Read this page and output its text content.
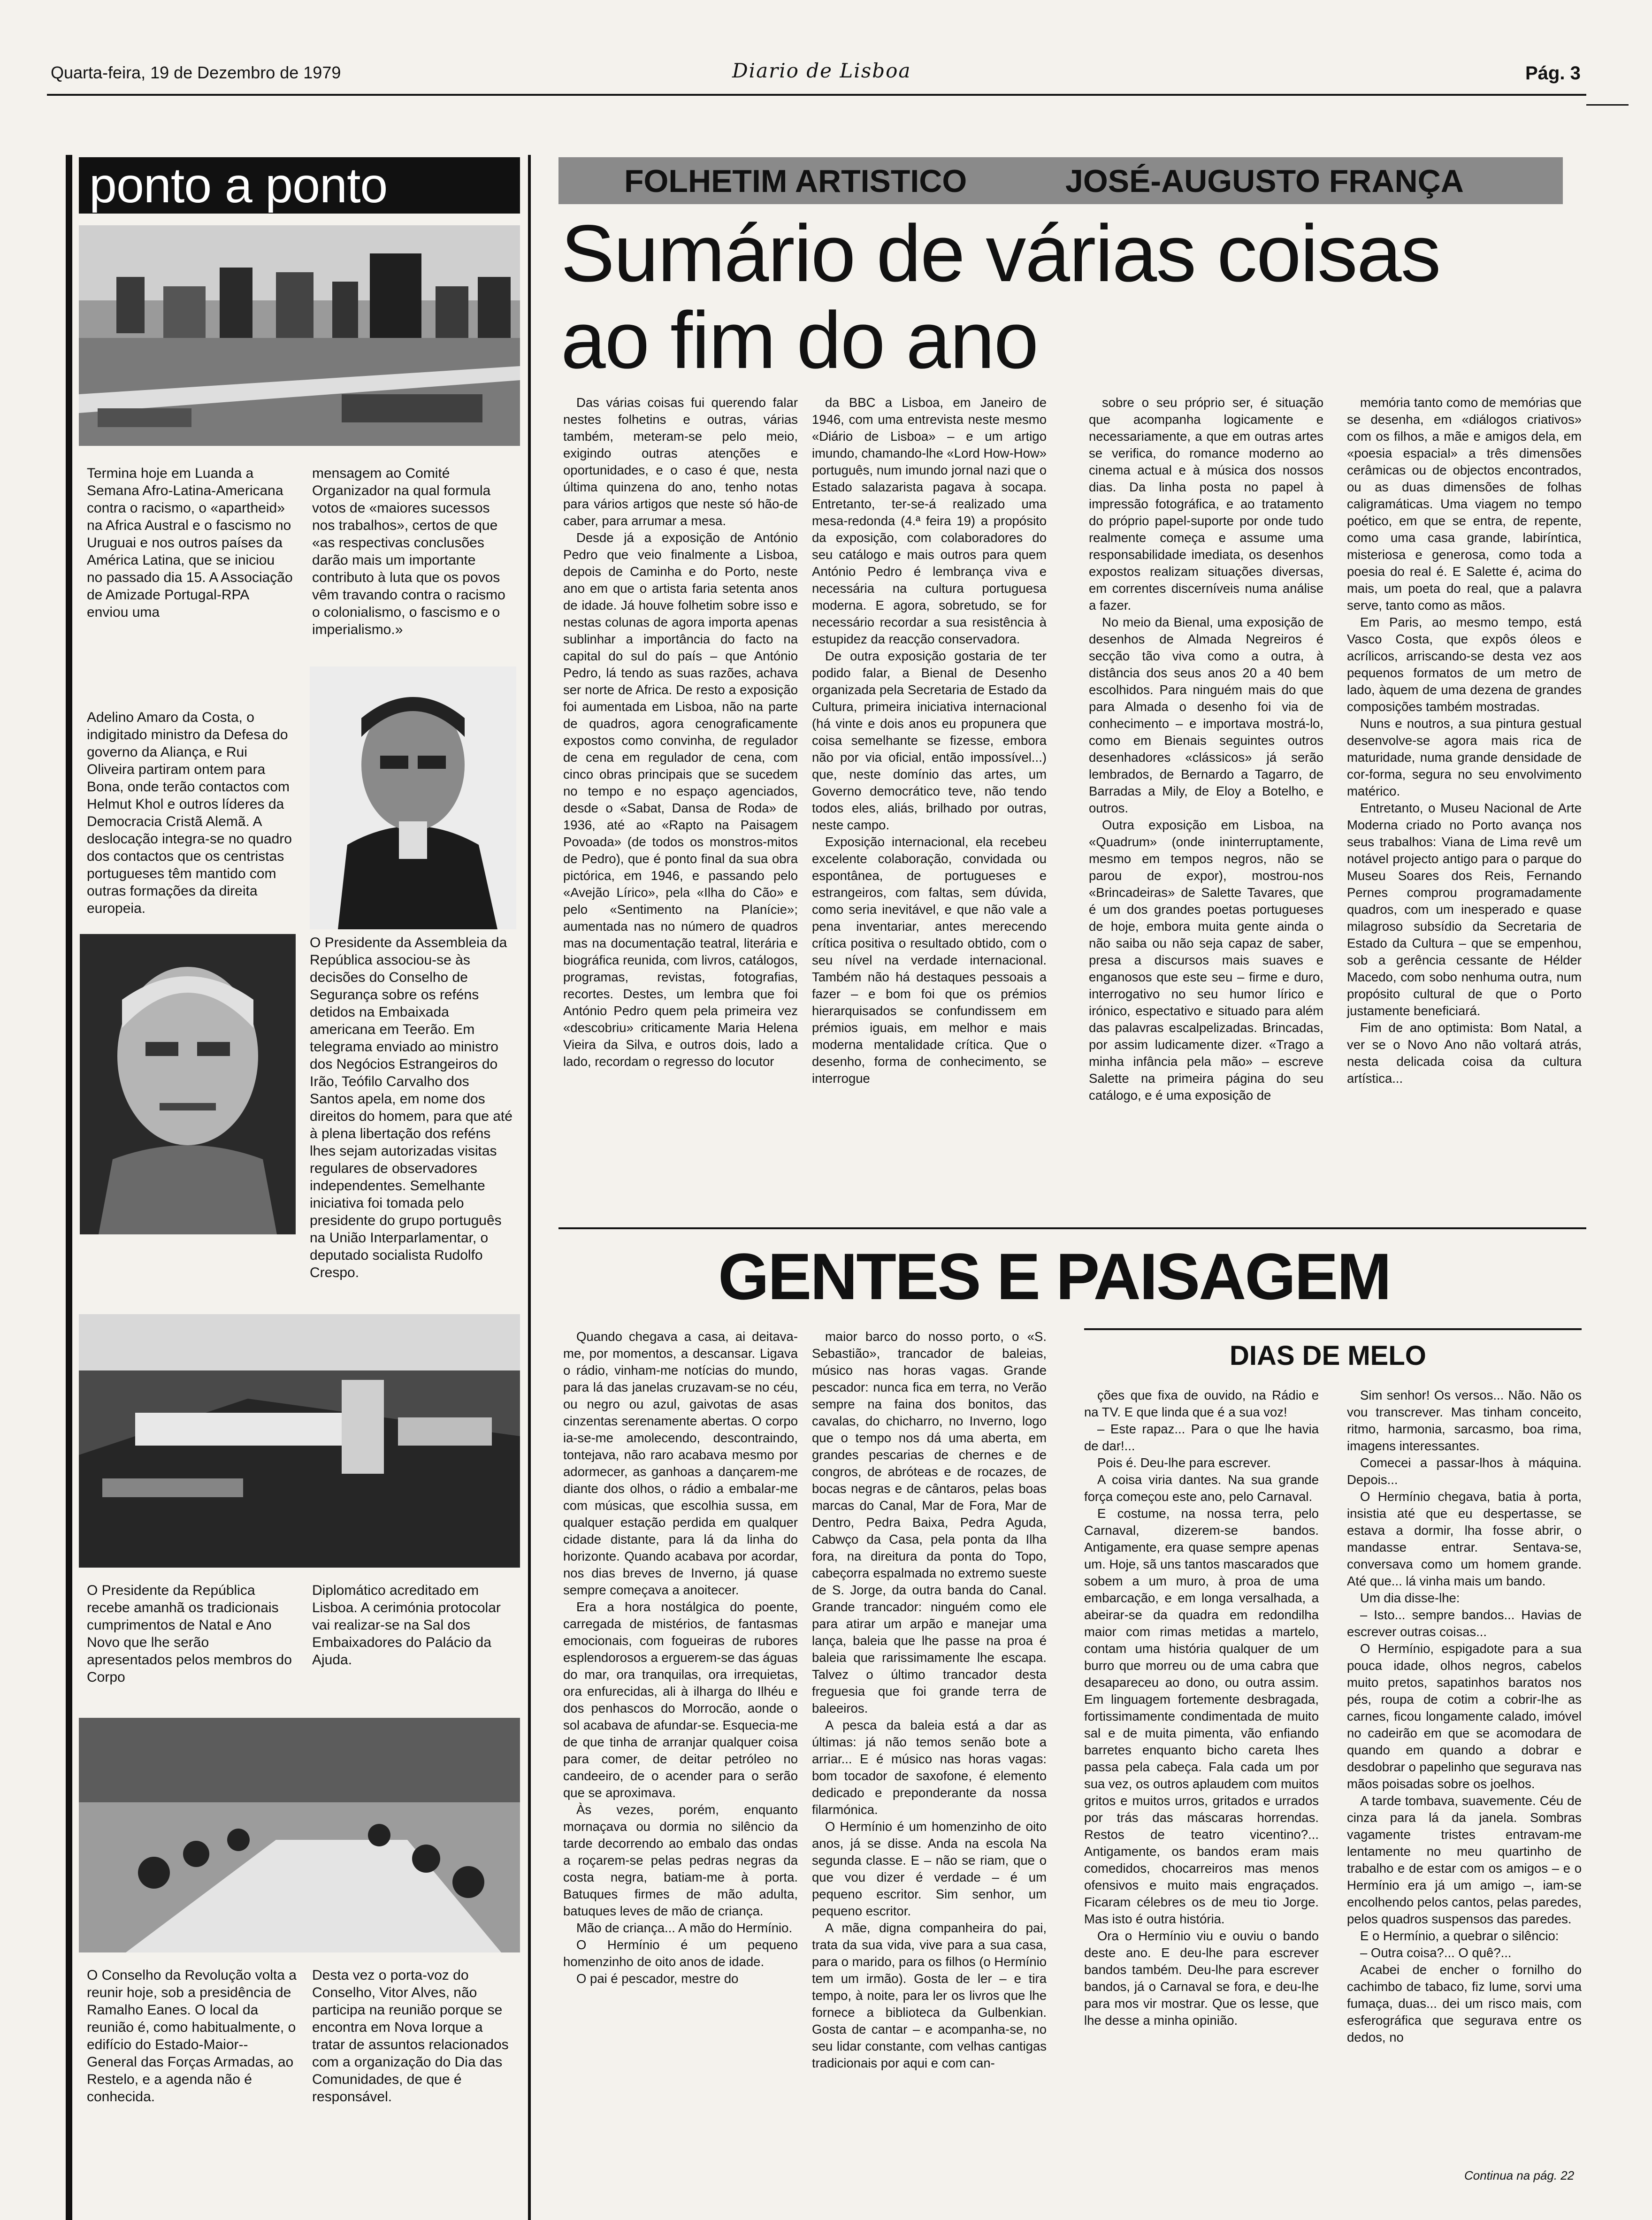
Quarta-feira, 19 de Dezembro de 1979	Diario de Lisboa	Pág. 3
ponto a ponto
Termina hoje em Luanda a Semana Afro-Latina-Americana contra o racismo, o «apartheid» na Africa Austral e o fascismo no Uruguai e nos outros países da América Latina, que se iniciou no passado dia 15. A Associação de Amizade Portugal-RPA enviou uma
mensagem ao Comité Organizador na qual formula votos de «maiores sucessos nos trabalhos», certos de que «as respectivas conclusões darão mais um importante contributo à luta que os povos vêm travando contra o racismo o colonialismo, o fascismo e o imperialismo.»
Adelino Amaro da Costa, o indigitado ministro da Defesa do governo da Aliança, e Rui Oliveira partiram ontem para Bona, onde terão contactos com Helmut Khol e outros líderes da Democracia Cristã Alemã. A deslocação integra-se no quadro dos contactos que os centristas portugueses têm mantido com outras formações da direita europeia.
O Presidente da Assembleia da República associou-se às decisões do Conselho de Segurança sobre os reféns detidos na Embaixada americana em Teerão. Em telegrama enviado ao ministro dos Negócios Estrangeiros do Irão, Teófilo Carvalho dos Santos apela, em nome dos direitos do homem, para que até à plena libertação dos reféns lhes sejam autorizadas visitas regulares de observadores independentes. Semelhante iniciativa foi tomada pelo presidente do grupo português na União Interparlamentar, o deputado socialista Rudolfo Crespo.
O Presidente da República recebe amanhã os tradicionais cumprimentos de Natal e Ano Novo que lhe serão apresentados pelos membros do Corpo
Diplomático acreditado em Lisboa. A cerimónia protocolar vai realizar-se na Sal dos Embaixadores do Palácio da Ajuda.
O Conselho da Revolução volta a reunir hoje, sob a presidência de Ramalho Eanes. O local da reunião é, como habitualmente, o edifício do Estado-Maior--General das Forças Armadas, ao Restelo, e a agenda não é conhecida.
Desta vez o porta-voz do Conselho, Vitor Alves, não participa na reunião porque se encontra em Nova Iorque a tratar de assuntos relacionados com a organização do Dia das Comunidades, de que é responsável.
FOLHETIM ARTISTICO	JOSÉ-AUGUSTO FRANÇA
Sumário de várias coisas
ao fim do ano

Das várias coisas fui querendo falar nestes folhetins e outras, várias também, meteram-se pelo meio, exigindo outras atenções e oportunidades, e o caso é que, nesta última quinzena do ano, tenho notas para vários artigos que neste só hão-de caber, para arrumar a mesa.

Desde já a exposição de António Pedro que veio finalmente a Lisboa, depois de Caminha e do Porto, neste ano em que o artista faria setenta anos de idade. Já houve folhetim sobre isso e nestas colunas de agora importa apenas sublinhar a importância do facto na capital do sul do país – que António Pedro, lá tendo as suas razões, achava ser norte de Africa. De resto a exposição foi aumentada em Lisboa, não na parte de quadros, agora cenograficamente expostos como convinha, de regulador de cena em regulador de cena, com cinco obras principais que se sucedem no tempo e no espaço agenciados, desde o «Sabat, Dansa de Roda» de 1936, até ao «Rapto na Paisagem Povoada» (de todos os monstros-mitos de Pedro), que é ponto final da sua obra pictórica, em 1946, e passando pelo «Avejão Lírico», pela «Ilha do Cão» e pelo «Sentimento na Planície»; aumentada nas no número de quadros mas na documentação teatral, literária e biográfica reunida, com livros, catálogos, programas, revistas, fotografias, recortes. Destes, um lembra que foi António Pedro quem pela primeira vez «descobriu» criticamente Maria Helena Vieira da Silva, e outros dois, lado a lado, recordam o regresso do locutor

da BBC a Lisboa, em Janeiro de 1946, com uma entrevista neste mesmo «Diário de Lisboa» – e um artigo imundo, chamando-lhe «Lord How-How» português, num imundo jornal nazi que o Estado salazarista pagava à socapa. Entretanto, ter-se-á realizado uma mesa-redonda (4.ª feira 19) a propósito da exposição, com colaboradores do seu catálogo e mais outros para quem António Pedro é lembrança viva e necessária na cultura portuguesa moderna. E agora, sobretudo, se for necessário recordar a sua resistência à estupidez da reacção conservadora.

De outra exposição gostaria de ter podido falar, a Bienal de Desenho organizada pela Secretaria de Estado da Cultura, primeira iniciativa internacional (há vinte e dois anos eu propunera que coisa semelhante se fizesse, embora não por via oficial, então impossível...) que, neste domínio das artes, um Governo democrático teve, não tendo todos eles, aliás, brilhado por outras, neste campo.

Exposição internacional, ela recebeu excelente colaboração, convidada ou espontânea, de portugueses e estrangeiros, com faltas, sem dúvida, como seria inevitável, e que não vale a pena inventariar, antes merecendo crítica positiva o resultado obtido, com o seu nível na verdade internacional. Também não há destaques pessoais a fazer – e bom foi que os prémios hierarquisados se confundissem em prémios iguais, em melhor e mais moderna mentalidade crítica. Que o desenho, forma de conhecimento, se interrogue

sobre o seu próprio ser, é situação que acompanha logicamente e necessariamente, a que em outras artes se verifica, do romance moderno ao cinema actual e à música dos nossos dias. Da linha posta no papel à impressão fotográfica, e ao tratamento do próprio papel-suporte por onde tudo realmente começa e assume uma responsabilidade imediata, os desenhos expostos realizam situações diversas, em correntes discerníveis numa análise a fazer.

No meio da Bienal, uma exposição de desenhos de Almada Negreiros é secção tão viva como a outra, à distância dos seus anos 20 a 40 bem escolhidos. Para ninguém mais do que para Almada o desenho foi via de conhecimento – e importava mostrá-lo, como em Bienais seguintes outros desenhadores «clássicos» já serão lembrados, de Bernardo a Tagarro, de Barradas a Mily, de Eloy a Botelho, e outros.

Outra exposição em Lisboa, na «Quadrum» (onde ininterruptamente, mesmo em tempos negros, não se parou de expor), mostrou-nos «Brincadeiras» de Salette Tavares, que é um dos grandes poetas portugueses de hoje, embora muita gente ainda o não saiba ou não seja capaz de saber, presa a discursos mais suaves e enganosos que este seu – firme e duro, interrogativo no seu humor lírico e irónico, espectativo e situado para além das palavras escalpelizadas. Brincadas, por assim ludicamente dizer. «Trago a minha infância pela mão» – escreve Salette na primeira página do seu catálogo, e é uma exposição de

memória tanto como de memórias que se desenha, em «diálogos criativos» com os filhos, a mãe e amigos dela, em «poesia espacial» a três dimensões cerâmicas ou de objectos encontrados, ou as duas dimensões de folhas caligramáticas. Uma viagem no tempo poético, em que se entra, de repente, como uma casa grande, labiríntica, misteriosa e generosa, como toda a poesia do real é. E Salette é, acima do mais, um poeta do real, que a palavra serve, tanto como as mãos.

Em Paris, ao mesmo tempo, está Vasco Costa, que expôs óleos e acrílicos, arriscando-se desta vez aos pequenos formatos de um metro de lado, àquem de uma dezena de grandes composições também mostradas.

Nuns e noutros, a sua pintura gestual desenvolve-se agora mais rica de maturidade, numa grande densidade de cor-forma, segura no seu envolvimento matérico.

Entretanto, o Museu Nacional de Arte Moderna criado no Porto avança nos seus trabalhos: Viana de Lima revê um notável projecto antigo para o parque do Museu Soares dos Reis, Fernando Pernes comprou programadamente quadros, com um inesperado e quase milagroso subsídio da Secretaria de Estado da Cultura – que se empenhou, sob a gerência cessante de Hélder Macedo, com sobo nenhuma outra, num propósito cultural de que o Porto justamente beneficiará.

Fim de ano optimista: Bom Natal, a ver se o Novo Ano não voltará atrás, nesta delicada coisa da cultura artística...

GENTES E PAISAGEM

Quando chegava a casa, ai deitava-me, por momentos, a descansar. Ligava o rádio, vinham-me notícias do mundo, para lá das janelas cruzavam-se no céu, ou negro ou azul, gaivotas de asas cinzentas serenamente abertas. O corpo ia-se-me amolecendo, descontraindo, tontejava, não raro acabava mesmo por adormecer, as ganhoas a dançarem-me diante dos olhos, o rádio a embalar-me com músicas, que escolhia sussa, em qualquer estação perdida em qualquer cidade distante, para lá da linha do horizonte. Quando acabava por acordar, nos dias breves de Inverno, já quase sempre começava a anoitecer.

Era a hora nostálgica do poente, carregada de mistérios, de fantasmas emocionais, com fogueiras de rubores esplendorosos a erguerem-se das águas do mar, ora tranquilas, ora irrequietas, ora enfurecidas, ali à ilharga do Ilhéu e dos penhascos do Morrocão, aonde o sol acabava de afundar-se. Esquecia-me de que tinha de arranjar qualquer coisa para comer, de deitar petróleo no candeeiro, de o acender para o serão que se aproximava.

Às vezes, porém, enquanto mornaçava ou dormia no silêncio da tarde decorrendo ao embalo das ondas a roçarem-se pelas pedras negras da costa negra, batiam-me à porta. Batuques firmes de mão adulta, batuques leves de mão de criança.

Mão de criança... A mão do Hermínio.

O Hermínio é um pequeno homenzinho de oito anos de idade.

O pai é pescador, mestre do

maior barco do nosso porto, o «S. Sebastião», trancador de baleias, músico nas horas vagas. Grande pescador: nunca fica em terra, no Verão sempre na faina dos bonitos, das cavalas, do chicharro, no Inverno, logo que o tempo nos dá uma aberta, em grandes pescarias de chernes e de congros, de abróteas e de rocazes, de bocas negras e de cântaros, pelas boas marcas do Canal, Mar de Fora, Mar de Dentro, Pedra Baixa, Pedra Aguda, Cabwço da Casa, pela ponta da Ilha fora, na direitura da ponta do Topo, cabeçorra espalmada no extremo sueste de S. Jorge, da outra banda do Canal. Grande trancador: ninguém como ele para atirar um arpão e manejar uma lança, baleia que lhe passe na proa é baleia que rarissimamente lhe escapa. Talvez o último trancador desta freguesia que foi grande terra de baleeiros.

A pesca da baleia está a dar as últimas: já não temos senão bote a arriar... E é músico nas horas vagas: bom tocador de saxofone, é elemento dedicado e preponderante da nossa filarmónica.

O Hermínio é um homenzinho de oito anos, já se disse. Anda na escola Na segunda classe. E – não se riam, que o que vou dizer é verdade – é um pequeno escritor. Sim senhor, um pequeno escritor.

A mãe, digna companheira do pai, trata da sua vida, vive para a sua casa, para o marido, para os filhos (o Hermínio tem um irmão). Gosta de ler – e tira tempo, à noite, para ler os livros que lhe fornece a biblioteca da Gulbenkian. Gosta de cantar – e acompanha-se, no seu lidar constante, com velhas cantigas tradicionais por aqui e com can-

DIAS DE MELO

ções que fixa de ouvido, na Rádio e na TV. E que linda que é a sua voz!

– Este rapaz... Para o que lhe havia de dar!...

Pois é. Deu-lhe para escrever.

A coisa viria dantes. Na sua grande força começou este ano, pelo Carnaval.

E costume, na nossa terra, pelo Carnaval, dizerem-se bandos. Antigamente, era quase sempre apenas um. Hoje, sã uns tantos mascarados que sobem a um muro, à proa de uma embarcação, e em longa versalhada, a abeirar-se da quadra em redondilha maior com rimas metidas a martelo, contam uma história qualquer de um burro que morreu ou de uma cabra que desapareceu ao dono, ou outra assim. Em linguagem fortemente desbragada, fortissimamente condimentada de muito sal e de muita pimenta, vão enfiando barretes enquanto bicho careta lhes passa pela cabeça. Fala cada um por sua vez, os outros aplaudem com muitos gritos e muitos urros, gritados e urrados por trás das máscaras horrendas. Restos de teatro vicentino?... Antigamente, os bandos eram mais comedidos, chocarreiros mas menos ofensivos e muito mais engraçados. Ficaram célebres os de meu tio Jorge. Mas isto é outra história.

Ora o Hermínio viu e ouviu o bando deste ano. E deu-lhe para escrever bandos também. Deu-lhe para escrever bandos, já o Carnaval se fora, e deu-lhe para mos vir mostrar. Que os lesse, que lhe desse a minha opinião.

Sim senhor! Os versos... Não. Não os vou transcrever. Mas tinham conceito, ritmo, harmonia, sarcasmo, boa rima, imagens interessantes.

Comecei a passar-lhos à máquina. Depois...

O Hermínio chegava, batia à porta, insistia até que eu despertasse, se estava a dormir, lha fosse abrir, o mandasse entrar. Sentava-se, conversava como um homem grande. Até que... lá vinha mais um bando.

Um dia disse-lhe:

– Isto... sempre bandos... Havias de escrever outras coisas...

O Hermínio, espigadote para a sua pouca idade, olhos negros, cabelos muito pretos, sapatinhos baratos nos pés, roupa de cotim a cobrir-lhe as carnes, ficou longamente calado, imóvel no cadeirão em que se acomodara de quando em quando a dobrar e desdobrar o papelinho que segurava nas mãos poisadas sobre os joelhos.

A tarde tombava, suavemente. Céu de cinza para lá da janela. Sombras vagamente tristes entravam-me lentamente no meu quartinho de trabalho e de estar com os amigos – e o Hermínio era já um amigo –, iam-se encolhendo pelos cantos, pelas paredes, pelos quadros suspensos das paredes.

E o Hermínio, a quebrar o silêncio:

– Outra coisa?... O quê?...

Acabei de encher o fornilho do cachimbo de tabaco, fiz lume, sorvi uma fumaça, duas... dei um risco mais, com esferográfica que segurava entre os dedos, no

Continua na pág. 22
